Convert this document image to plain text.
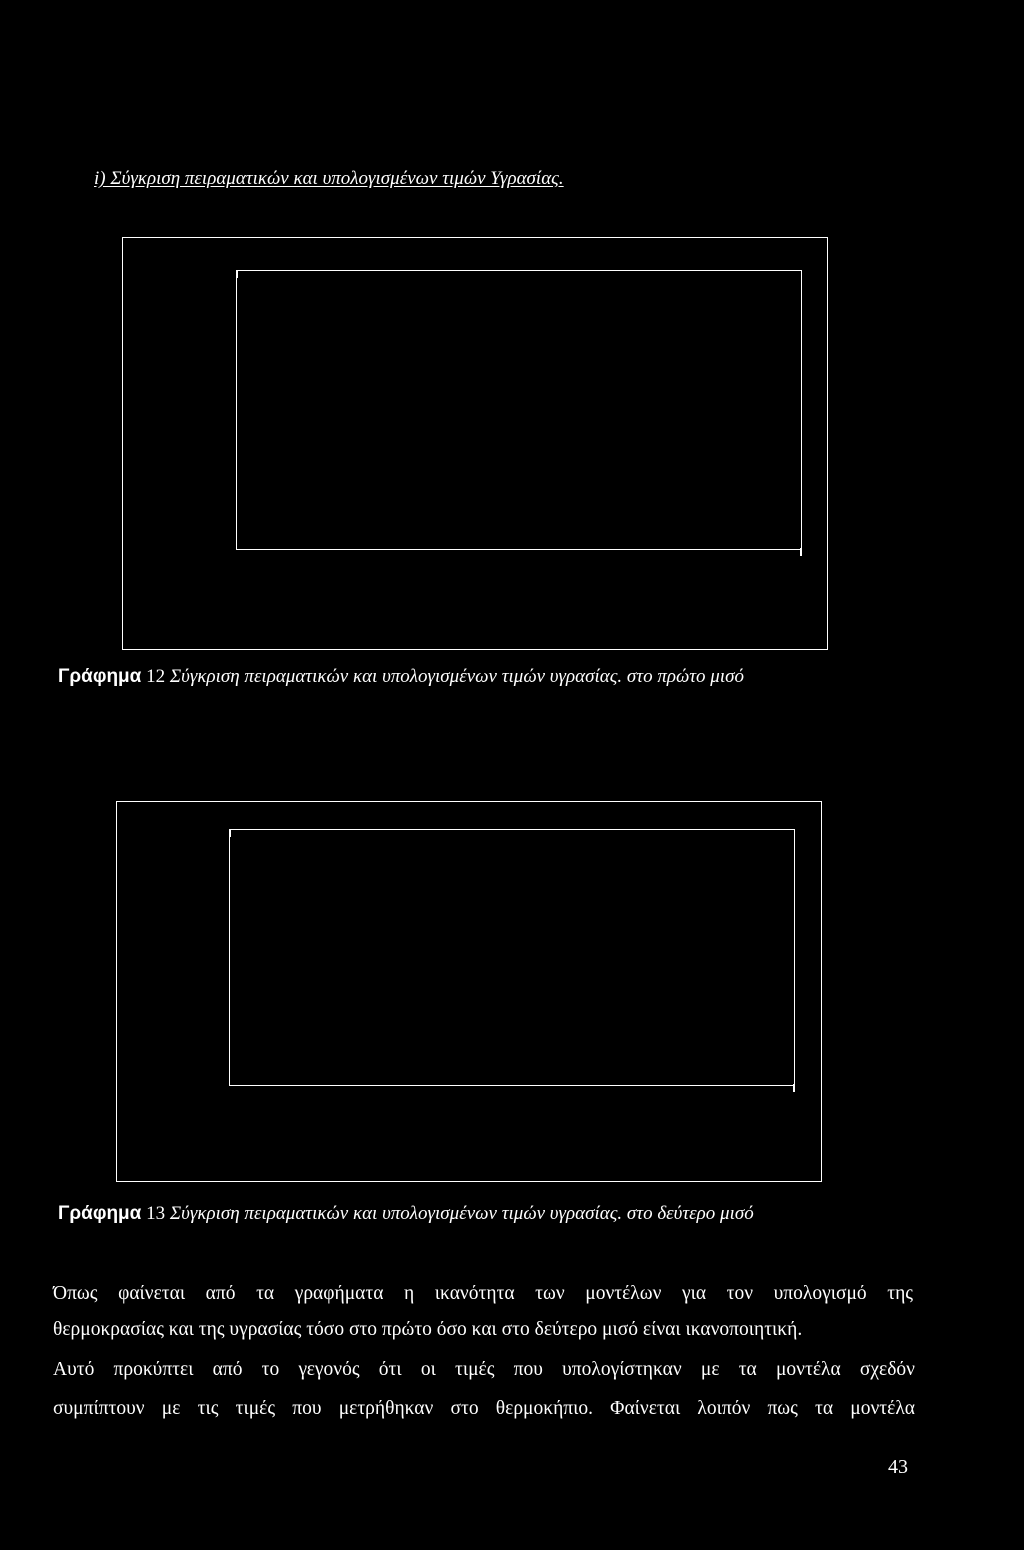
i) Σύγκριση πειραματικών και υπολογισμένων τιμών Υγρασίας.
Γράφημα 12 Σύγκριση πειραματικών και υπολογισμένων τιμών υγρασίας. στο πρώτο μισό
Γράφημα 13 Σύγκριση πειραματικών και υπολογισμένων τιμών υγρασίας. στο δεύτερο μισό
Όπως φαίνεται από τα γραφήματα η ικανότητα των μοντέλων για τον υπολογισμό της
θερμοκρασίας και της υγρασίας τόσο στο πρώτο όσο και στο δεύτερο μισό είναι ικανοποιητική.
Αυτό προκύπτει από το γεγονός ότι οι τιμές που υπολογίστηκαν με τα μοντέλα σχεδόν
συμπίπτουν με τις τιμές που μετρήθηκαν στο θερμοκήπιο. Φαίνεται λοιπόν πως τα μοντέλα
43
